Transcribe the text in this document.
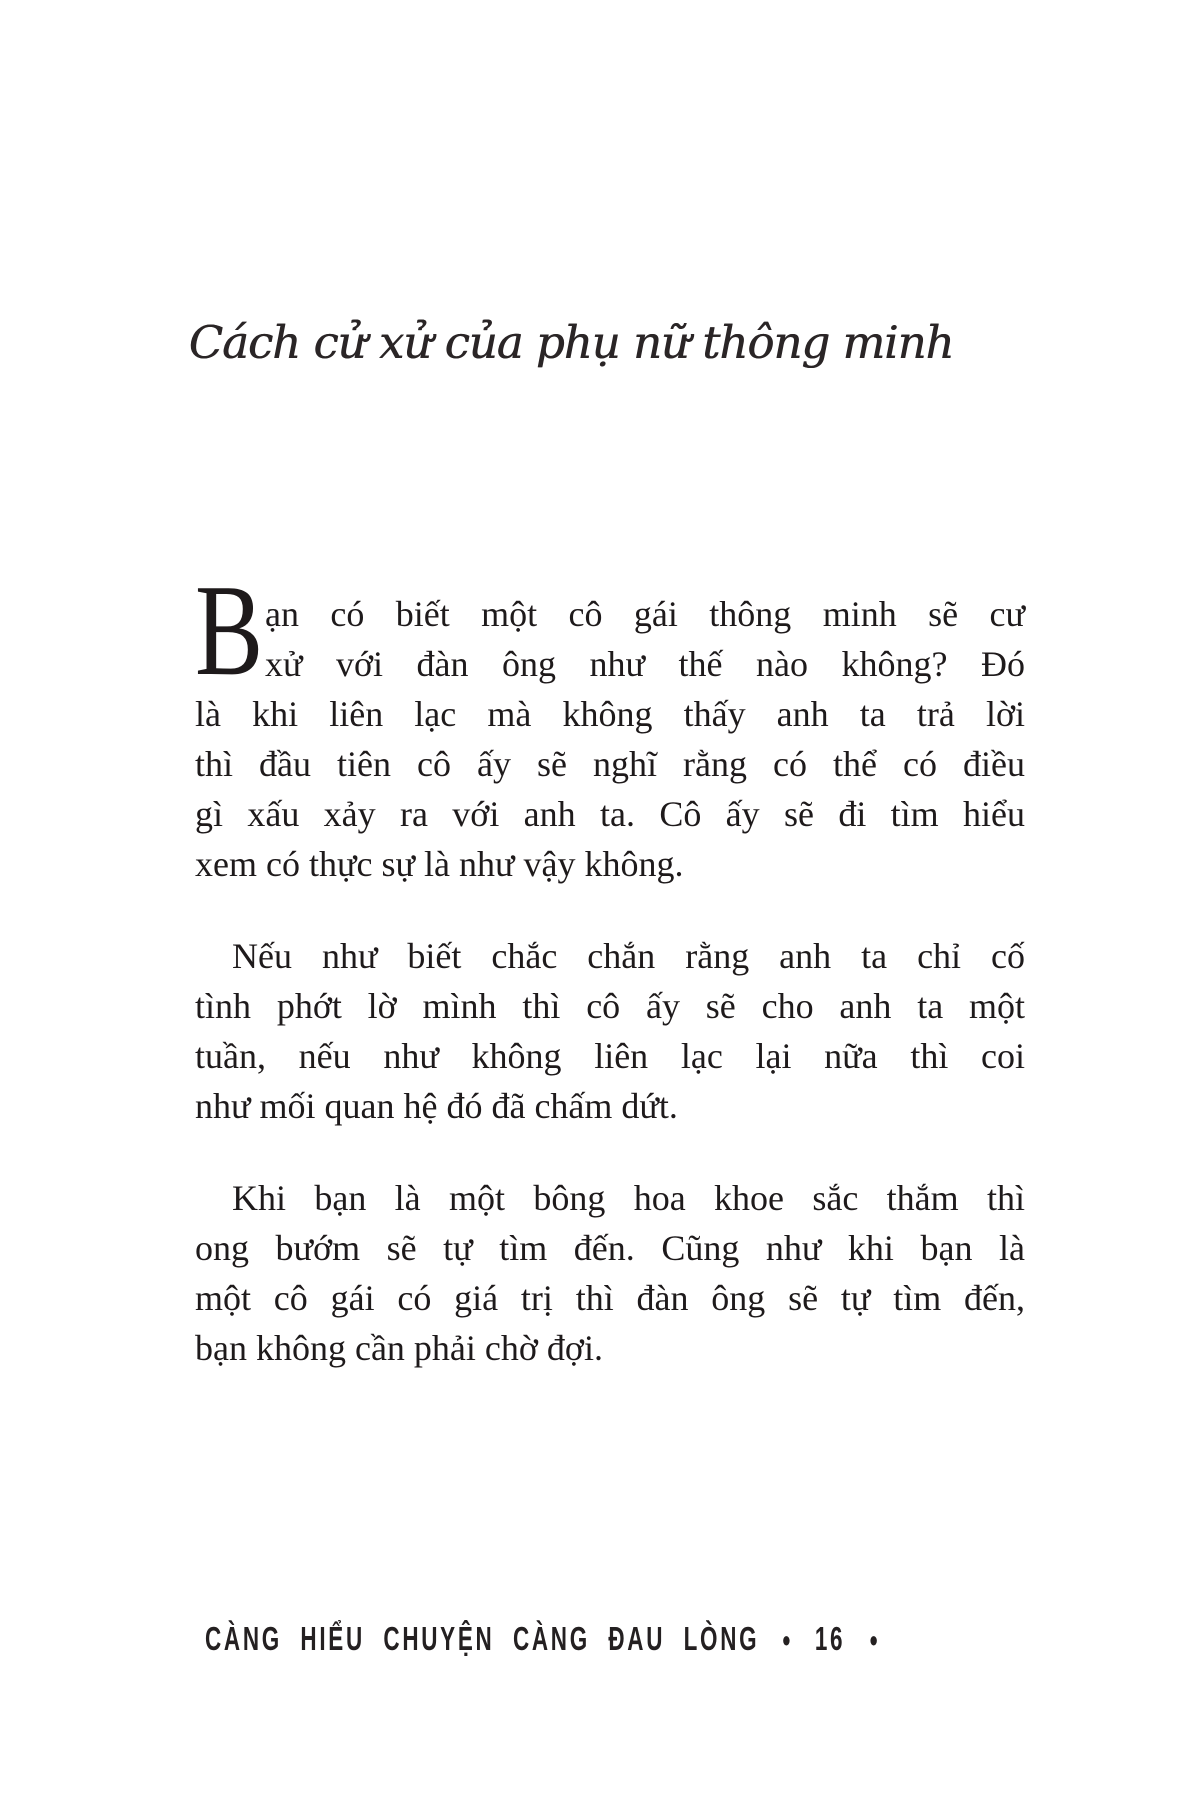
Cách cử xử của phụ nữ thông minh
B ạn có biết một cô gái thông minh sẽ cư
xử với đàn ông như thế nào không? Đó
là khi liên lạc mà không thấy anh ta trả lời
thì đầu tiên cô ấy sẽ nghĩ rằng có thể có điều
gì xấu xảy ra với anh ta. Cô ấy sẽ đi tìm hiểu
xem có thực sự là như vậy không.
Nếu như biết chắc chắn rằng anh ta chỉ cố
tình phớt lờ mình thì cô ấy sẽ cho anh ta một
tuần, nếu như không liên lạc lại nữa thì coi
như mối quan hệ đó đã chấm dứt.
Khi bạn là một bông hoa khoe sắc thắm thì
ong bướm sẽ tự tìm đến. Cũng như khi bạn là
một cô gái có giá trị thì đàn ông sẽ tự tìm đến,
bạn không cần phải chờ đợi.
CÀNG HIỂU CHUYỆN CÀNG ĐAU LÒNG ● 16 ●
